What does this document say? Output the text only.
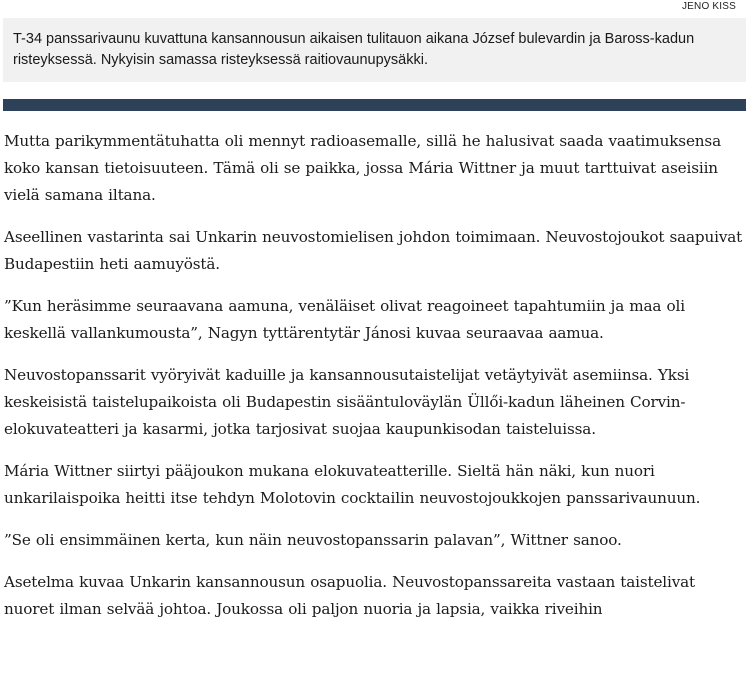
JENO KISS

T-34 panssarivaunu kuvattuna kansannousun aikaisen tulitauon aikana József bulevardin ja Baross-kadun risteyksessä. Nykyisin samassa risteyksessä raitiovaunupysäkki.

Mutta parikymmentätuhatta oli mennyt radioasemalle, sillä he halusivat saada vaatimuksensa koko kansan tietoisuuteen. Tämä oli se paikka, jossa Mária Wittner ja muut tarttuivat aseisiin vielä samana iltana.

Aseellinen vastarinta sai Unkarin neuvostomielisen johdon toimimaan. Neuvostojoukot saapuivat Budapestiin heti aamuyöstä.

”Kun heräsimme seuraavana aamuna, venäläiset olivat reagoineet tapahtumiin ja maa oli keskellä vallankumousta”, Nagyn tyttärentytär Jánosi kuvaa seuraavaa aamua.

Neuvostopanssarit vyöryivät kaduille ja kansannousutaistelijat vetäytyivät asemiinsa. Yksi keskeisistä taistelupaikoista oli Budapestin sisääntuloväylän Üllői-kadun läheinen Corvin-elokuvateatteri ja kasarmi, jotka tarjosivat suojaa kaupunkisodan taisteluissa.

Mária Wittner siirtyi pääjoukon mukana elokuvateatterille. Sieltä hän näki, kun nuori unkarilaispoika heitti itse tehdyn Molotovin cocktailin neuvostojoukkojen panssarivaunuun.

”Se oli ensimmäinen kerta, kun näin neuvostopanssarin palavan”, Wittner sanoo.

Asetelma kuvaa Unkarin kansannousun osapuolia. Neuvostopanssareita vastaan taistelivat nuoret ilman selvää johtoa. Joukossa oli paljon nuoria ja lapsia, vaikka riveihin
